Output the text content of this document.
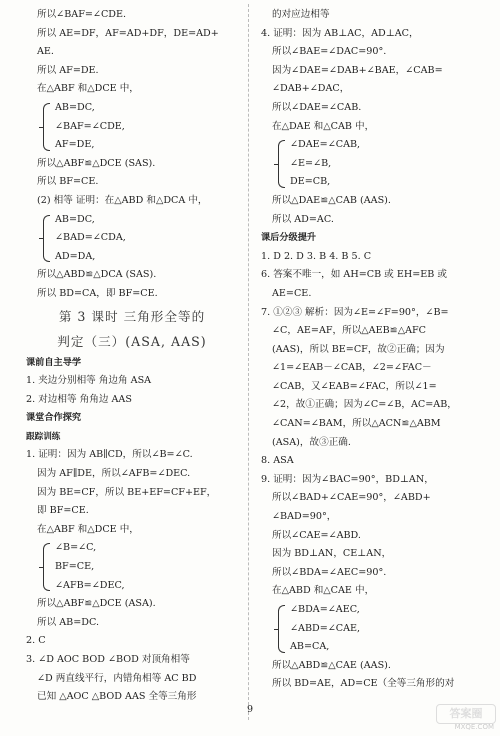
所以∠BAF=∠CDE.
所以 AE=DF，AF=AD+DF，DE=AD+
AE.
所以 AF=DE.
在△ABF 和△DCE 中，
AB=DC,
∠BAF=∠CDE,
AF=DE,
所以△ABF≌△DCE (SAS).
所以 BF=CE.
(2) 相等 证明：在△ABD 和△DCA 中，
AB=DC,
∠BAD=∠CDA,
AD=DA,
所以△ABD≌△DCA (SAS).
所以 BD=CA，即 BF=CE.
第 3 课时 三角形全等的
判定（三）(ASA, AAS)
课前自主导学
1. 夹边分别相等 角边角 ASA
2. 对边相等 角角边 AAS
课堂合作探究
跟踪训练
1. 证明：因为 AB∥CD，所以∠B=∠C.
因为 AF∥DE，所以∠AFB=∠DEC.
因为 BE=CF，所以 BE+EF=CF+EF，
即 BF=CE.
在△ABF 和△DCE 中，
∠B=∠C,
BF=CE,
∠AFB=∠DEC,
所以△ABF≌△DCE (ASA).
所以 AB=DC.
2. C
3. ∠D AOC BOD ∠BOD 对顶角相等
∠D 两直线平行，内错角相等 AC BD
已知 △AOC △BOD AAS 全等三角形
的对应边相等
4. 证明：因为 AB⊥AC，AD⊥AC，
所以∠BAE=∠DAC=90°.
因为∠DAE=∠DAB+∠BAE，∠CAB=
∠DAB+∠DAC，
所以∠DAE=∠CAB.
在△DAE 和△CAB 中，
∠DAE=∠CAB,
∠E=∠B,
DE=CB,
所以△DAE≌△CAB (AAS).
所以 AD=AC.
课后分级提升
1. D 2. D 3. B 4. B 5. C
6. 答案不唯一，如 AH=CB 或 EH=EB 或
AE=CE.
7. ①②③ 解析：因为∠E=∠F=90°，∠B=
∠C，AE=AF，所以△AEB≌△AFC
(AAS)，所以 BE=CF，故②正确；因为
∠1=∠EAB－∠CAB，∠2=∠FAC－
∠CAB，又∠EAB=∠FAC，所以∠1=
∠2，故①正确；因为∠C=∠B，AC=AB，
∠CAN=∠BAM，所以△ACN≌△ABM
(ASA)，故③正确.
8. ASA
9. 证明：因为∠BAC=90°，BD⊥AN，
所以∠BAD+∠CAE=90°，∠ABD+
∠BAD=90°，
所以∠CAE=∠ABD.
因为 BD⊥AN，CE⊥AN，
所以∠BDA=∠AEC=90°.
在△ABD 和△CAE 中，
∠BDA=∠AEC,
∠ABD=∠CAE,
AB=CA,
所以△ABD≌△CAE (AAS).
所以 BD=AE，AD=CE（全等三角形的对
9	答案圈
MXQE.COM
